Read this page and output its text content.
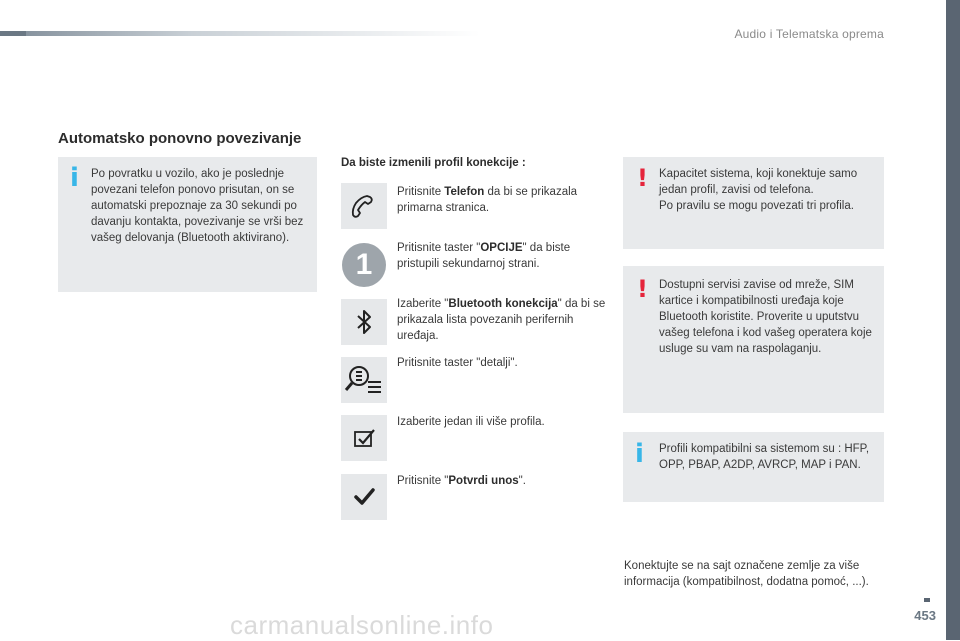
Audio i Telematska oprema
Automatsko ponovno povezivanje
i Po povratku u vozilo, ako je poslednje povezani telefon ponovo prisutan, on se automatski prepoznaje za 30 sekundi po davanju kontakta, povezivanje se vrši bez vašeg delovanja (Bluetooth aktivirano).
Da biste izmenili profil konekcije :
Pritisnite Telefon da bi se prikazala primarna stranica.
1	Pritisnite taster "OPCIJE" da biste pristupili sekundarnoj strani.
Izaberite "Bluetooth konekcija" da bi se prikazala lista povezanih perifernih uređaja.
Pritisnite taster "detalji".
Izaberite jedan ili više profila.
Pritisnite "Potvrdi unos".
! Kapacitet sistema, koji konektuje samo jedan profil, zavisi od telefona.
Po pravilu se mogu povezati tri profila.
! Dostupni servisi zavise od mreže, SIM kartice i kompatibilnosti uređaja koje Bluetooth koristite. Proverite u uputstvu vašeg telefona i kod vašeg operatera koje usluge su vam na raspolaganju.
i Profili kompatibilni sa sistemom su : HFP, OPP, PBAP, A2DP, AVRCP, MAP i PAN.
Konektujte se na sajt označene zemlje za više informacija (kompatibilnost, dodatna pomoć, ...).
453
carmanualsonline.info
